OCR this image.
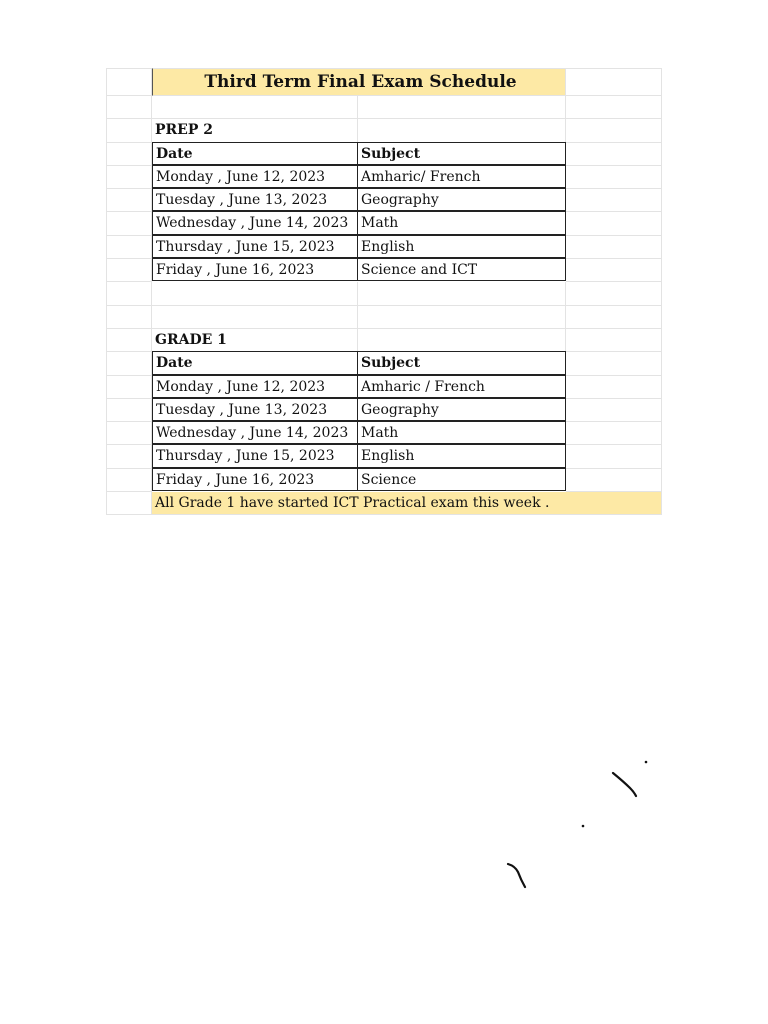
Third Term Final Exam Schedule
PREP 2
Date	Subject
Monday , June 12, 2023	Amharic/ French
Tuesday , June 13, 2023	Geography
Wednesday , June 14, 2023 Math
Thursday , June 15, 2023	English
Friday , June 16, 2023	Science and ICT
GRADE 1
Date	Subject
Monday , June 12, 2023	Amharic / French
Tuesday , June 13, 2023	Geography
Wednesday , June 14, 2023 Math
Thursday , June 15, 2023	English
Friday , June 16, 2023	Science
All Grade 1 have started ICT Practical exam this week .
